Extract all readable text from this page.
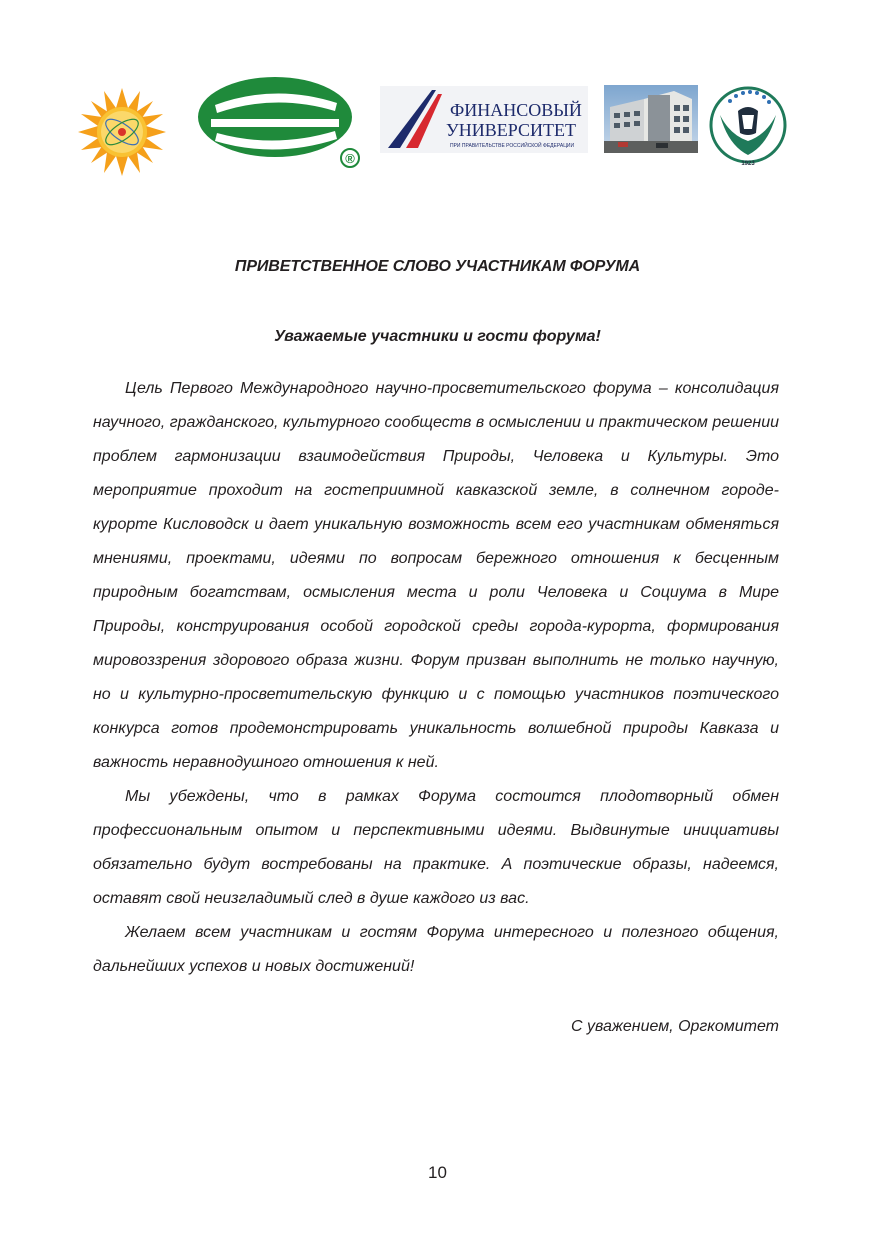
®
ФИНАНСОВЫЙ
УНИВЕРСИТЕТ
ПРИ ПРАВИТЕЛЬСТВЕ РОССИЙСКОЙ ФЕДЕРАЦИИ
1923
ПРИВЕТСТВЕННОЕ СЛОВО УЧАСТНИКАМ ФОРУМА
Уважаемые участники и гости форума!

Цель Первого Международного научно-просветительского форума – консолидация научного, гражданского, культурного сообществ в осмыслении и практическом решении проблем гармонизации взаимодействия Природы, Человека и Культуры. Это мероприятие проходит на гостеприимной кавказской земле, в солнечном городе-курорте Кисловодск и дает уникальную возможность всем его участникам обменяться мнениями, проектами, идеями по вопросам бережного отношения к бесценным природным богатствам, осмысления места и роли Человека и Социума в Мире Природы, конструирования особой городской среды города-курорта, формирования мировоззрения здорового образа жизни. Форум призван выполнить не только научную, но и культурно-просветительскую функцию и с помощью участников поэтического конкурса готов продемонстрировать уникальность волшебной природы Кавказа и важность неравнодушного отношения к ней.

Мы убеждены, что в рамках Форума состоится плодотворный обмен профессиональным опытом и перспективными идеями. Выдвинутые инициативы обязательно будут востребованы на практике. А поэтические образы, надеемся, оставят свой неизгладимый след в душе каждого из вас.

Желаем всем участникам и гостям Форума интересного и полезного общения, дальнейших успехов и новых достижений!

С уважением, Оргкомитет

10
